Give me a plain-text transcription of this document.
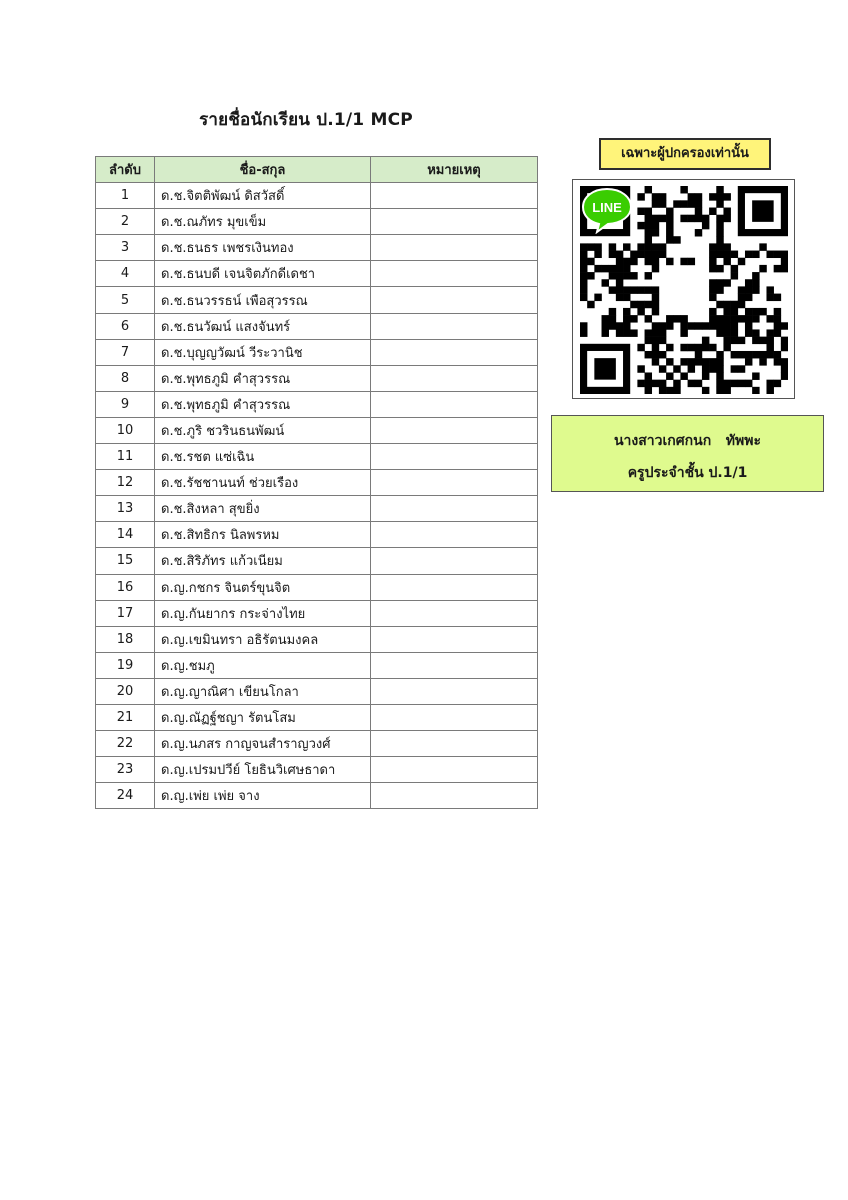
รายชื่อนักเรียน ป.1/1 MCP
ลำดับ	ชื่อ-สกุล	หมายเหตุ
1	ด.ช.จิตติพัฒน์ ดิสวัสดิ์	
2	ด.ช.ณภัทร มุขเข็ม	
3	ด.ช.ธนธร เพชรเงินทอง	
4	ด.ช.ธนบดี เจนจิตภักดีเดชา	
5	ด.ช.ธนวรรธน์ เพือสุวรรณ	
6	ด.ช.ธนวัฒน์ แสงจันทร์	
7	ด.ช.บุญญวัฒน์ วีระวานิช	
8	ด.ช.พุทธภูมิ คำสุวรรณ	
9	ด.ช.พุทธภูมิ คำสุวรรณ	
10	ด.ช.ภูริ ชวรินธนพัฒน์	
11	ด.ช.รชต แซ่เฉิน	
12	ด.ช.รัชชานนท์ ช่วยเรือง	
13	ด.ช.สิงหลา สุขยิ่ง	
14	ด.ช.สิทธิกร นิลพรหม	
15	ด.ช.สิริภัทร แก้วเนียม	
16	ด.ญ.กชกร จินตร์ขุนจิต	
17	ด.ญ.กันยากร กระจ่างไทย	
18	ด.ญ.เขมินทรา อธิรัตนมงคล	
19	ด.ญ.ชมภู	
20	ด.ญ.ญาณิศา เขียนโกลา	
21	ด.ญ.ณัฏฐ์ชญา รัตนโสม	
22	ด.ญ.นภสร กาญจนสำราญวงศ์	
23	ด.ญ.เปรมปวีย์ โยธินวิเศษธาดา	
24	ด.ญ.เพ่ย เพ่ย จาง	
เฉพาะผู้ปกครองเท่านั้น
LINE
นางสาวเกศกนก   ทัพพะ
ครูประจำชั้น ป.1/1
